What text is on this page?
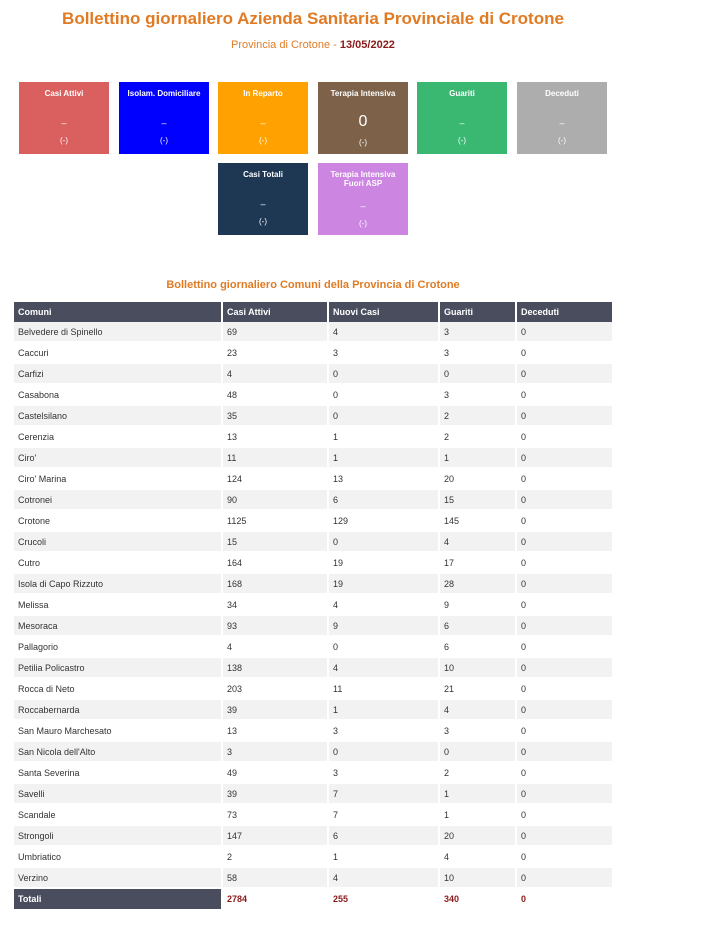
Bollettino giornaliero Azienda Sanitaria Provinciale di Crotone

Provincia di Crotone - 13/05/2022

Casi Attivi
–
(-)
Isolam. Domiciliare
–
(-)
In Reparto
–
(-)
Terapia Intensiva
0
(-)
Guariti
–
(-)
Deceduti
–
(-)
Casi Totali
–
(-)
Terapia Intensiva Fuori ASP
–
(-)
Bollettino giornaliero Comuni della Provincia di Crotone
Comuni	Casi Attivi	Nuovi Casi	Guariti	Deceduti
Belvedere di Spinello	69	4	3	0
Caccuri	23	3	3	0
Carfizi	4	0	0	0
Casabona	48	0	3	0
Castelsilano	35	0	2	0
Cerenzia	13	1	2	0
Ciro'	11	1	1	0
Ciro' Marina	124	13	20	0
Cotronei	90	6	15	0
Crotone	1125	129	145	0
Crucoli	15	0	4	0
Cutro	164	19	17	0
Isola di Capo Rizzuto	168	19	28	0
Melissa	34	4	9	0
Mesoraca	93	9	6	0
Pallagorio	4	0	6	0
Petilia Policastro	138	4	10	0
Rocca di Neto	203	11	21	0
Roccabernarda	39	1	4	0
San Mauro Marchesato	13	3	3	0
San Nicola dell'Alto	3	0	0	0
Santa Severina	49	3	2	0
Savelli	39	7	1	0
Scandale	73	7	1	0
Strongoli	147	6	20	0
Umbriatico	2	1	4	0
Verzino	58	4	10	0
Totali	2784	255	340	0
